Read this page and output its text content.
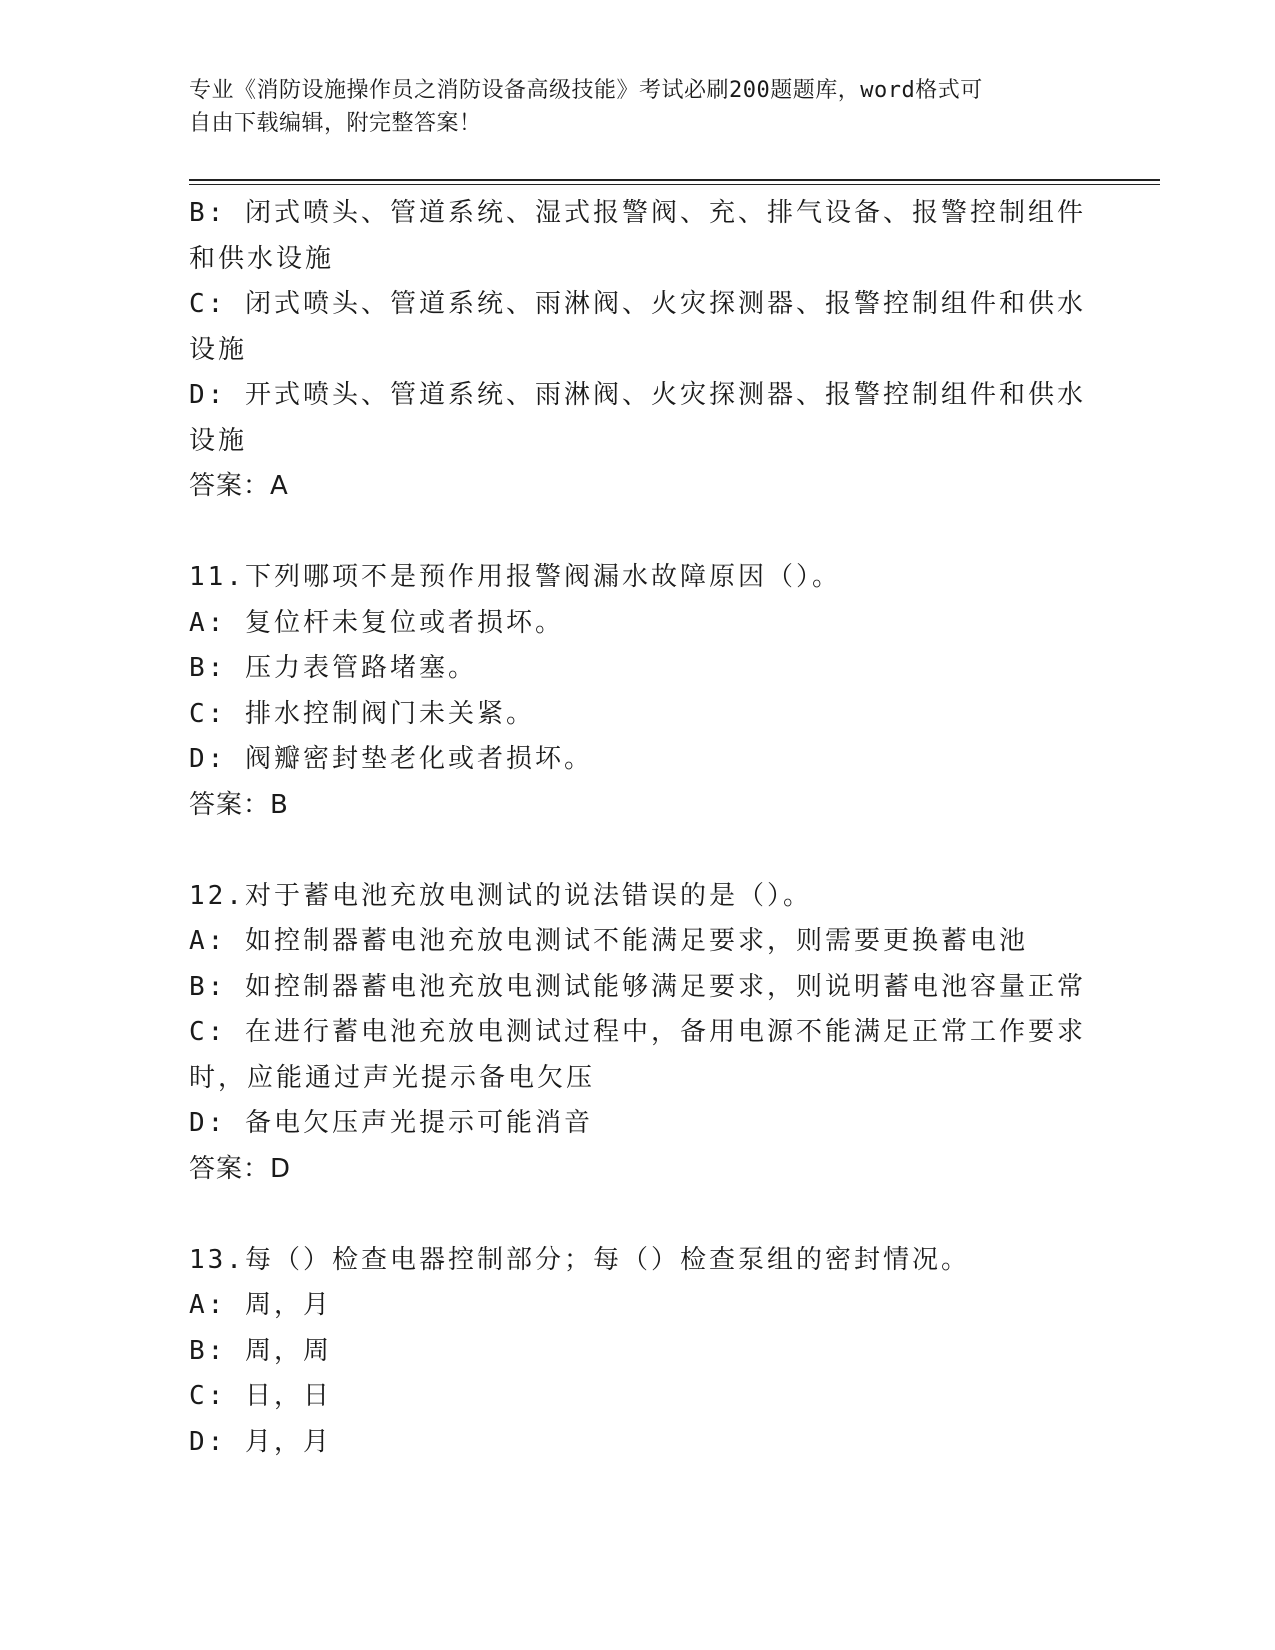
专业《消防设施操作员之消防设备高级技能》考试必刷200题题库，word格式可
自由下载编辑，附完整答案！
B: 闭式喷头、管道系统、湿式报警阀、充、排气设备、报警控制组件
和供水设施
C: 闭式喷头、管道系统、雨淋阀、火灾探测器、报警控制组件和供水
设施
D: 开式喷头、管道系统、雨淋阀、火灾探测器、报警控制组件和供水
设施
答案：A
11.下列哪项不是预作用报警阀漏水故障原因（）。
A: 复位杆未复位或者损坏。
B: 压力表管路堵塞。
C: 排水控制阀门未关紧。
D: 阀瓣密封垫老化或者损坏。
答案：B
12.对于蓄电池充放电测试的说法错误的是（）。
A: 如控制器蓄电池充放电测试不能满足要求，则需要更换蓄电池
B: 如控制器蓄电池充放电测试能够满足要求，则说明蓄电池容量正常
C: 在进行蓄电池充放电测试过程中，备用电源不能满足正常工作要求
时，应能通过声光提示备电欠压
D: 备电欠压声光提示可能消音
答案：D
13.每（）检查电器控制部分；每（）检查泵组的密封情况。
A: 周，月
B: 周，周
C: 日，日
D: 月，月
